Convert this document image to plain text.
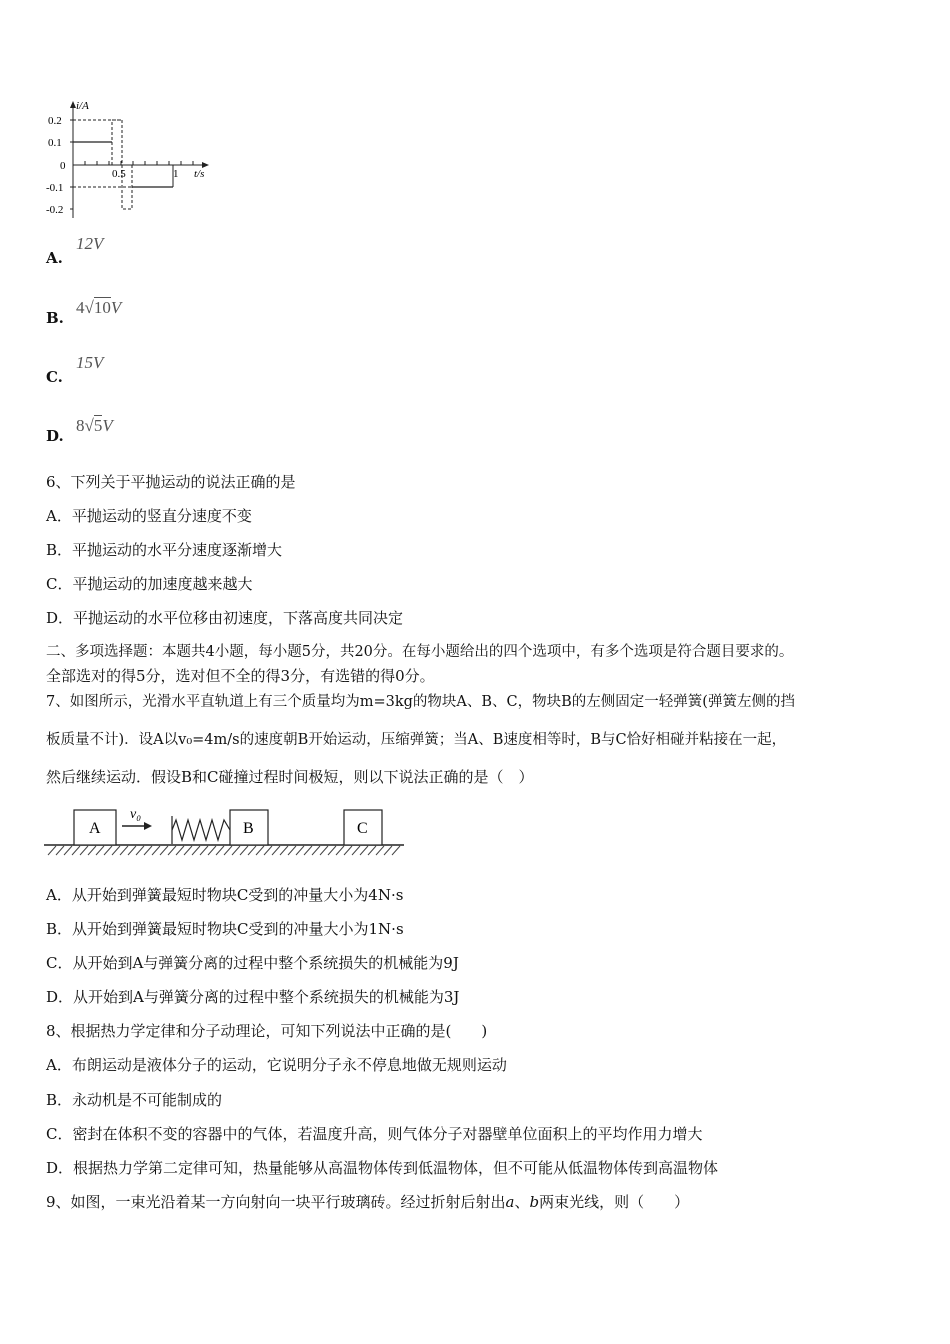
i/A
0.2
0.1
0
-0.1
-0.2
0.5	1 t/s
A.
12V
B.
4√10V
C.
15V
D.
8√5V
6、下列关于平抛运动的说法正确的是
A．平抛运动的竖直分速度不变
B．平抛运动的水平分速度逐渐增大
C．平抛运动的加速度越来越大
D．平抛运动的水平位移由初速度，下落高度共同决定
二、多项选择题：本题共4小题，每小题5分，共20分。在每小题给出的四个选项中，有多个选项是符合题目要求的。
全部选对的得5分，选对但不全的得3分，有选错的得0分。
7、如图所示，光滑水平直轨道上有三个质量均为m=3kg的物块A、B、C，物块B的左侧固定一轻弹簧(弹簧左侧的挡
板质量不计)．设A以v₀=4m/s的速度朝B开始运动，压缩弹簧；当A、B速度相等时，B与C恰好相碰并粘接在一起，
然后继续运动．假设B和C碰撞过程时间极短，则以下说法正确的是（　）
A
v₀
B	C
A．从开始到弹簧最短时物块C受到的冲量大小为4N·s
B．从开始到弹簧最短时物块C受到的冲量大小为1N·s
C．从开始到A与弹簧分离的过程中整个系统损失的机械能为9J
D．从开始到A与弹簧分离的过程中整个系统损失的机械能为3J
8、根据热力学定律和分子动理论，可知下列说法中正确的是(　　)
A．布朗运动是液体分子的运动，它说明分子永不停息地做无规则运动
B．永动机是不可能制成的
C．密封在体积不变的容器中的气体，若温度升高，则气体分子对器壁单位面积上的平均作用力增大
D．根据热力学第二定律可知，热量能够从高温物体传到低温物体，但不可能从低温物体传到高温物体
9、如图，一束光沿着某一方向射向一块平行玻璃砖。经过折射后射出a、b两束光线，则（　　）
